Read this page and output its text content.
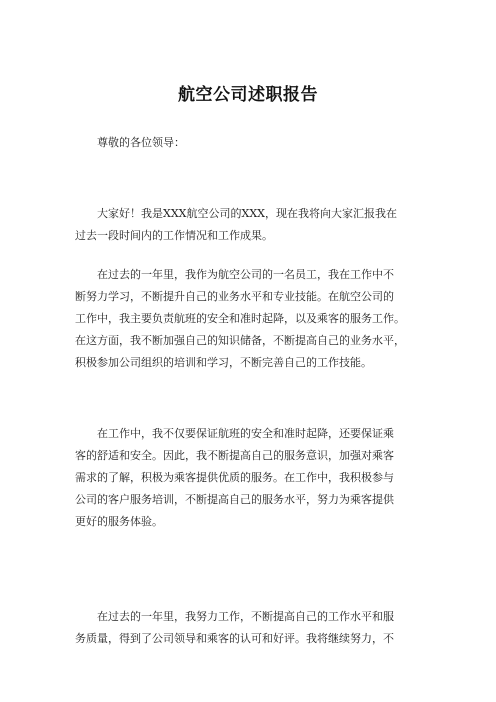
航空公司述职报告
尊敬的各位领导：
大家好！我是XXX航空公司的XXX，现在我将向大家汇报我在
过去一段时间内的工作情况和工作成果。
在过去的一年里，我作为航空公司的一名员工，我在工作中不
断努力学习，不断提升自己的业务水平和专业技能。在航空公司的
工作中，我主要负责航班的安全和准时起降，以及乘客的服务工作。
在这方面，我不断加强自己的知识储备，不断提高自己的业务水平，
积极参加公司组织的培训和学习，不断完善自己的工作技能。
在工作中，我不仅要保证航班的安全和准时起降，还要保证乘
客的舒适和安全。因此，我不断提高自己的服务意识，加强对乘客
需求的了解，积极为乘客提供优质的服务。在工作中，我积极参与
公司的客户服务培训，不断提高自己的服务水平，努力为乘客提供
更好的服务体验。
在过去的一年里，我努力工作，不断提高自己的工作水平和服
务质量，得到了公司领导和乘客的认可和好评。我将继续努力，不
